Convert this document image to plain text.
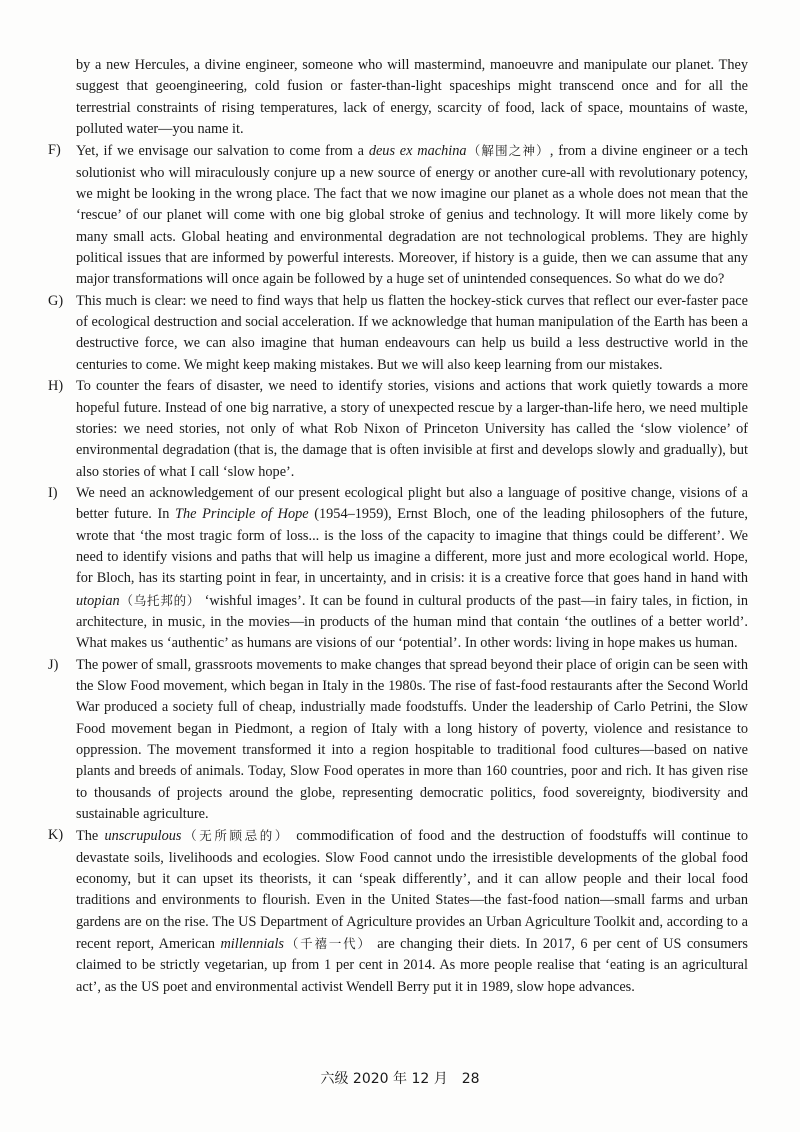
by a new Hercules, a divine engineer, someone who will mastermind, manoeuvre and manipulate our planet. They suggest that geoengineering, cold fusion or faster-than-light spaceships might transcend once and for all the terrestrial constraints of rising temperatures, lack of energy, scarcity of food, lack of space, mountains of waste, polluted water—you name it.

F) Yet, if we envisage our salvation to come from a deus ex machina（解围之神）, from a divine engineer or a tech solutionist who will miraculously conjure up a new source of energy or another cure-all with revolutionary potency, we might be looking in the wrong place. The fact that we now imagine our planet as a whole does not mean that the ‘rescue’ of our planet will come with one big global stroke of genius and technology. It will more likely come by many small acts. Global heating and environmental degradation are not technological problems. They are highly political issues that are informed by powerful interests. Moreover, if history is a guide, then we can assume that any major transformations will once again be followed by a huge set of unintended consequences. So what do we do?

G) This much is clear: we need to find ways that help us flatten the hockey-stick curves that reflect our ever-faster pace of ecological destruction and social acceleration. If we acknowledge that human manipulation of the Earth has been a destructive force, we can also imagine that human endeavours can help us build a less destructive world in the centuries to come. We might keep making mistakes. But we will also keep learning from our mistakes.

H) To counter the fears of disaster, we need to identify stories, visions and actions that work quietly towards a more hopeful future. Instead of one big narrative, a story of unexpected rescue by a larger-than-life hero, we need multiple stories: we need stories, not only of what Rob Nixon of Princeton University has called the ‘slow violence’ of environmental degradation (that is, the damage that is often invisible at first and develops slowly and gradually), but also stories of what I call ‘slow hope’.

I) We need an acknowledgement of our present ecological plight but also a language of positive change, visions of a better future. In The Principle of Hope (1954–1959), Ernst Bloch, one of the leading philosophers of the future, wrote that ‘the most tragic form of loss... is the loss of the capacity to imagine that things could be different’. We need to identify visions and paths that will help us imagine a different, more just and more ecological world. Hope, for Bloch, has its starting point in fear, in uncertainty, and in crisis: it is a creative force that goes hand in hand with utopian（乌托邦的） ‘wishful images’. It can be found in cultural products of the past—in fairy tales, in fiction, in architecture, in music, in the movies—in products of the human mind that contain ‘the outlines of a better world’. What makes us ‘authentic’ as humans are visions of our ‘potential’. In other words: living in hope makes us human.

J) The power of small, grassroots movements to make changes that spread beyond their place of origin can be seen with the Slow Food movement, which began in Italy in the 1980s. The rise of fast-food restaurants after the Second World War produced a society full of cheap, industrially made foodstuffs. Under the leadership of Carlo Petrini, the Slow Food movement began in Piedmont, a region of Italy with a long history of poverty, violence and resistance to oppression. The movement transformed it into a region hospitable to traditional food cultures—based on native plants and breeds of animals. Today, Slow Food operates in more than 160 countries, poor and rich. It has given rise to thousands of projects around the globe, representing democratic politics, food sovereignty, biodiversity and sustainable agriculture.

K) The unscrupulous（无所顾忌的） commodification of food and the destruction of foodstuffs will continue to devastate soils, livelihoods and ecologies. Slow Food cannot undo the irresistible developments of the global food economy, but it can upset its theorists, it can ‘speak differently’, and it can allow people and their local food traditions and environments to flourish. Even in the United States—the fast-food nation—small farms and urban gardens are on the rise. The US Department of Agriculture provides an Urban Agriculture Toolkit and, according to a recent report, American millennials（千禧一代） are changing their diets. In 2017, 6 per cent of US consumers claimed to be strictly vegetarian, up from 1 per cent in 2014. As more people realise that ‘eating is an agricultural act’, as the US poet and environmental activist Wendell Berry put it in 1989, slow hope advances.

六级 2020 年 12 月　28
